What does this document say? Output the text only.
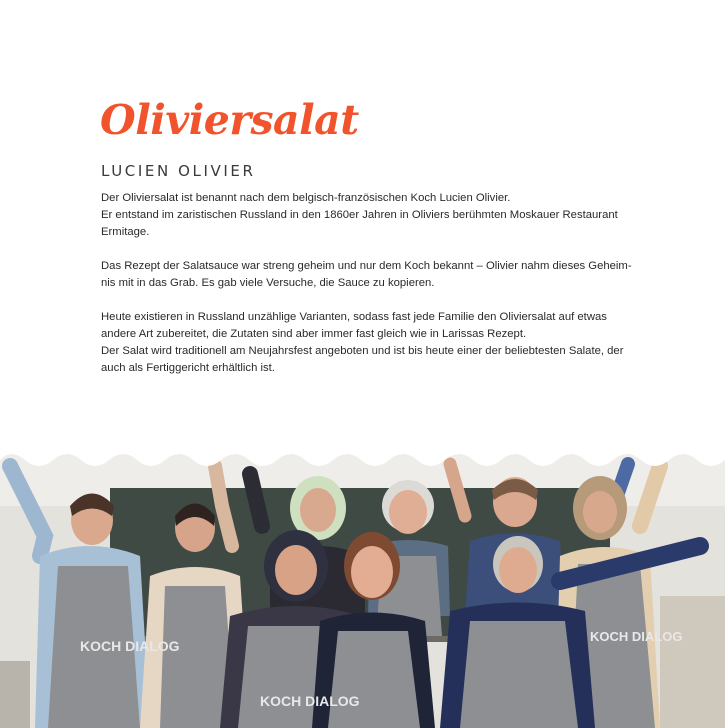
Oliviersalat
LUCIEN OLIVIER

Der Oliviersalat ist benannt nach dem belgisch-französischen Koch Lucien Olivier.
Er entstand im zaristischen Russland in den 1860er Jahren in Oliviers berühmten Moskauer Restaurant
Ermitage.

Das Rezept der Salatsauce war streng geheim und nur dem Koch bekannt – Olivier nahm dieses Geheim-
nis mit in das Grab. Es gab viele Versuche, die Sauce zu kopieren.

Heute existieren in Russland unzählige Varianten, sodass fast jede Familie den Oliviersalat auf etwas
andere Art zubereitet, die Zutaten sind aber immer fast gleich wie in Larissas Rezept.
Der Salat wird traditionell am Neujahrsfest angeboten und ist bis heute einer der beliebtesten Salate, der
auch als Fertiggericht erhältlich ist.

KOCH DIALOG
KOCH DIALOG
KOCH DIALOG
